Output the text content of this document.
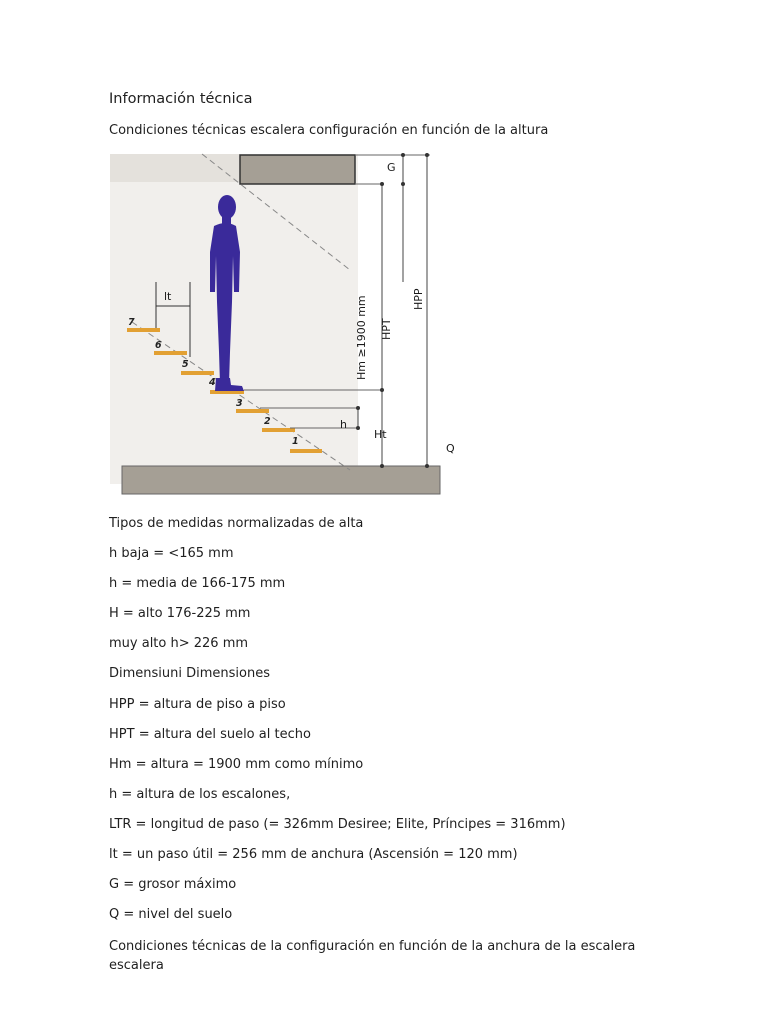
Información técnica
Condiciones técnicas escalera configuración en función de la altura
Tipos de medidas normalizadas de alta
h baja = <165 mm
h = media de 166-175 mm
H = alto 176-225 mm
muy alto h> 226 mm
Dimensiuni Dimensiones
HPP = altura de piso a piso
HPT = altura del suelo al techo
Hm = altura = 1900 mm como mínimo
h = altura de los escalones,
LTR = longitud de paso (= 326mm Desiree; Elite, Príncipes = 316mm)
lt = un paso útil = 256 mm de anchura (Ascensión = 120 mm)
G = grosor máximo
Q = nivel del suelo
Condiciones técnicas de la configuración en función de la anchura de la escalera escalera
lt
1
2
3
4
5
6
7
G
Hm ≥1900 mm HPT
HPP
h
Ht
Q
